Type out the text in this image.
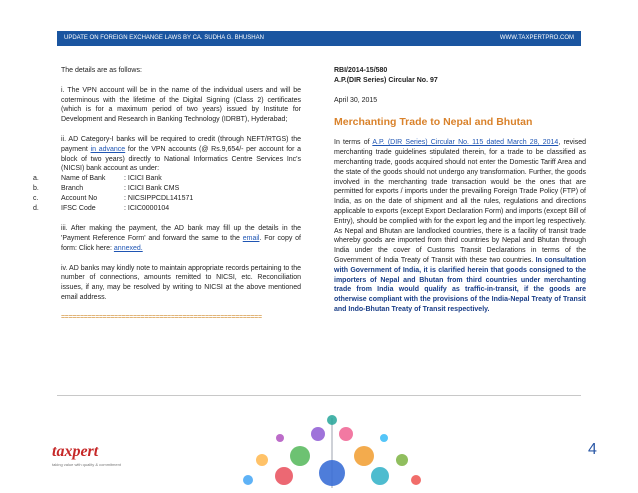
UPDATE ON FOREIGN EXCHANGE LAWS BY CA. SUDHA G. BHUSHAN	WWW.TAXPERTPRO.COM

The details are as follows:

i. The VPN account will be in the name of the individual users and will be coterminous with the lifetime of the Digital Signing (Class 2) certificates (which is for a maximum period of two years) issued by Institute for Development and Research in Banking Technology (IDRBT), Hyderabad;

ii. AD Category-I banks will be required to credit (through NEFT/RTGS) the payment in advance for the VPN accounts (@ Rs.9,654/- per account for a block of two years) directly to National Informatics Centre Services Inc's (NICSI) bank account as under:

a.	Name of Bank	: ICICI Bank
b.	Branch	: ICICI Bank CMS
c.	Account No	: NICSIPPCDL141571
d.	IFSC Code	: ICIC0000104

iii. After making the payment, the AD bank may fill up the details in the 'Payment Reference Form' and forward the same to the email. For copy of form: Click here: annexed.

iv. AD banks may kindly note to maintain appropriate records pertaining to the number of connections, amounts remitted to NICSI, etc. Reconciliation issues, if any, may be resolved by writing to NICSI at the above mentioned email address.

=====================================================

RBI/2014-15/580

A.P.(DIR Series) Circular No. 97

April 30, 2015

Merchanting Trade to Nepal and Bhutan

In terms of A.P. (DIR Series) Circular No. 115 dated March 28, 2014, revised merchanting trade guidelines stipulated therein, for a trade to be classified as merchanting trade, goods acquired should not enter the Domestic Tariff Area and the state of the goods should not undergo any transformation. Further, the goods involved in the merchanting trade transaction would be the ones that are permitted for exports / imports under the prevailing Foreign Trade Policy (FTP) of India, as on the date of shipment and all the rules, regulations and directions applicable to exports (except Export Declaration Form) and imports (except Bill of Entry), should be complied with for the export leg and the import leg respectively. As Nepal and Bhutan are landlocked countries, there is a facility of transit trade whereby goods are imported from third countries by Nepal and Bhutan through India under the cover of Customs Transit Declarations in terms of the Government of India Treaty of Transit with these two countries. In consultation with Government of India, it is clarified herein that goods consigned to the importers of Nepal and Bhutan from third countries under merchanting trade from India would qualify as traffic-in-transit, if the goods are otherwise compliant with the provisions of the India-Nepal Treaty of Transit and Indo-Bhutan Treaty of Transit respectively.

taxpert
taking value with quality & commitment
4
